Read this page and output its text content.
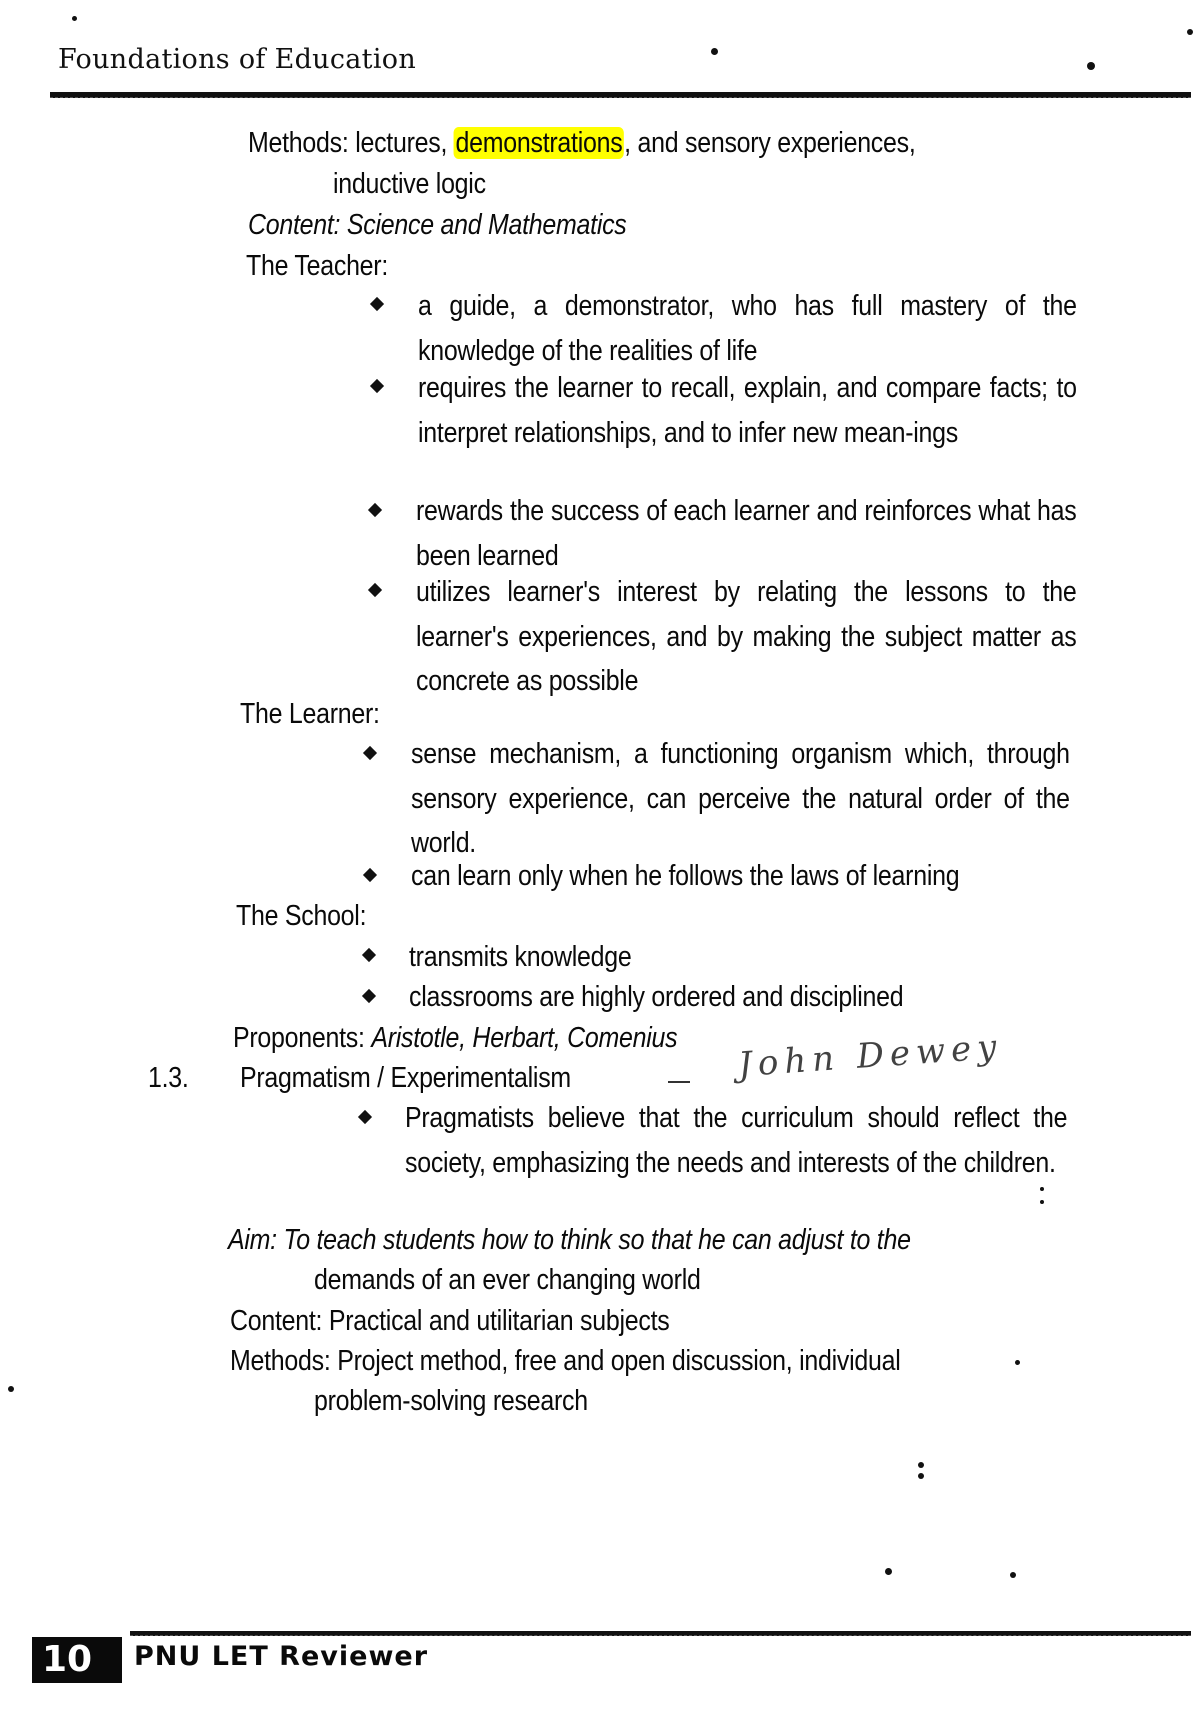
Foundations of Education
Methods: lectures, demonstrations, and sensory experiences,
inductive logic
Content: Science and Mathematics
The Teacher:
a guide, a demonstrator, who has full mastery of the knowledge of the realities of life
requires the learner to recall, explain, and compare facts; to interpret relationships, and to infer new mean-ings
rewards the success of each learner and reinforces what has been learned
utilizes learner's interest by relating the lessons to the learner's experiences, and by making the subject matter as concrete as possible
The Learner:
sense mechanism, a functioning organism which, through sensory experience, can perceive the natural order of the world.
can learn only when he follows the laws of learning
The School:
transmits knowledge
classrooms are highly ordered and disciplined
Proponents: Aristotle, Herbart, Comenius
1.3. Pragmatism / Experimentalism	John Dewey
Pragmatists believe that the curriculum should reflect the society, emphasizing the needs and interests of the children.
Aim: To teach students how to think so that he can adjust to the
demands of an ever changing world
Content: Practical and utilitarian subjects
Methods: Project method, free and open discussion, individual
problem-solving research
10	PNU LET Reviewer
